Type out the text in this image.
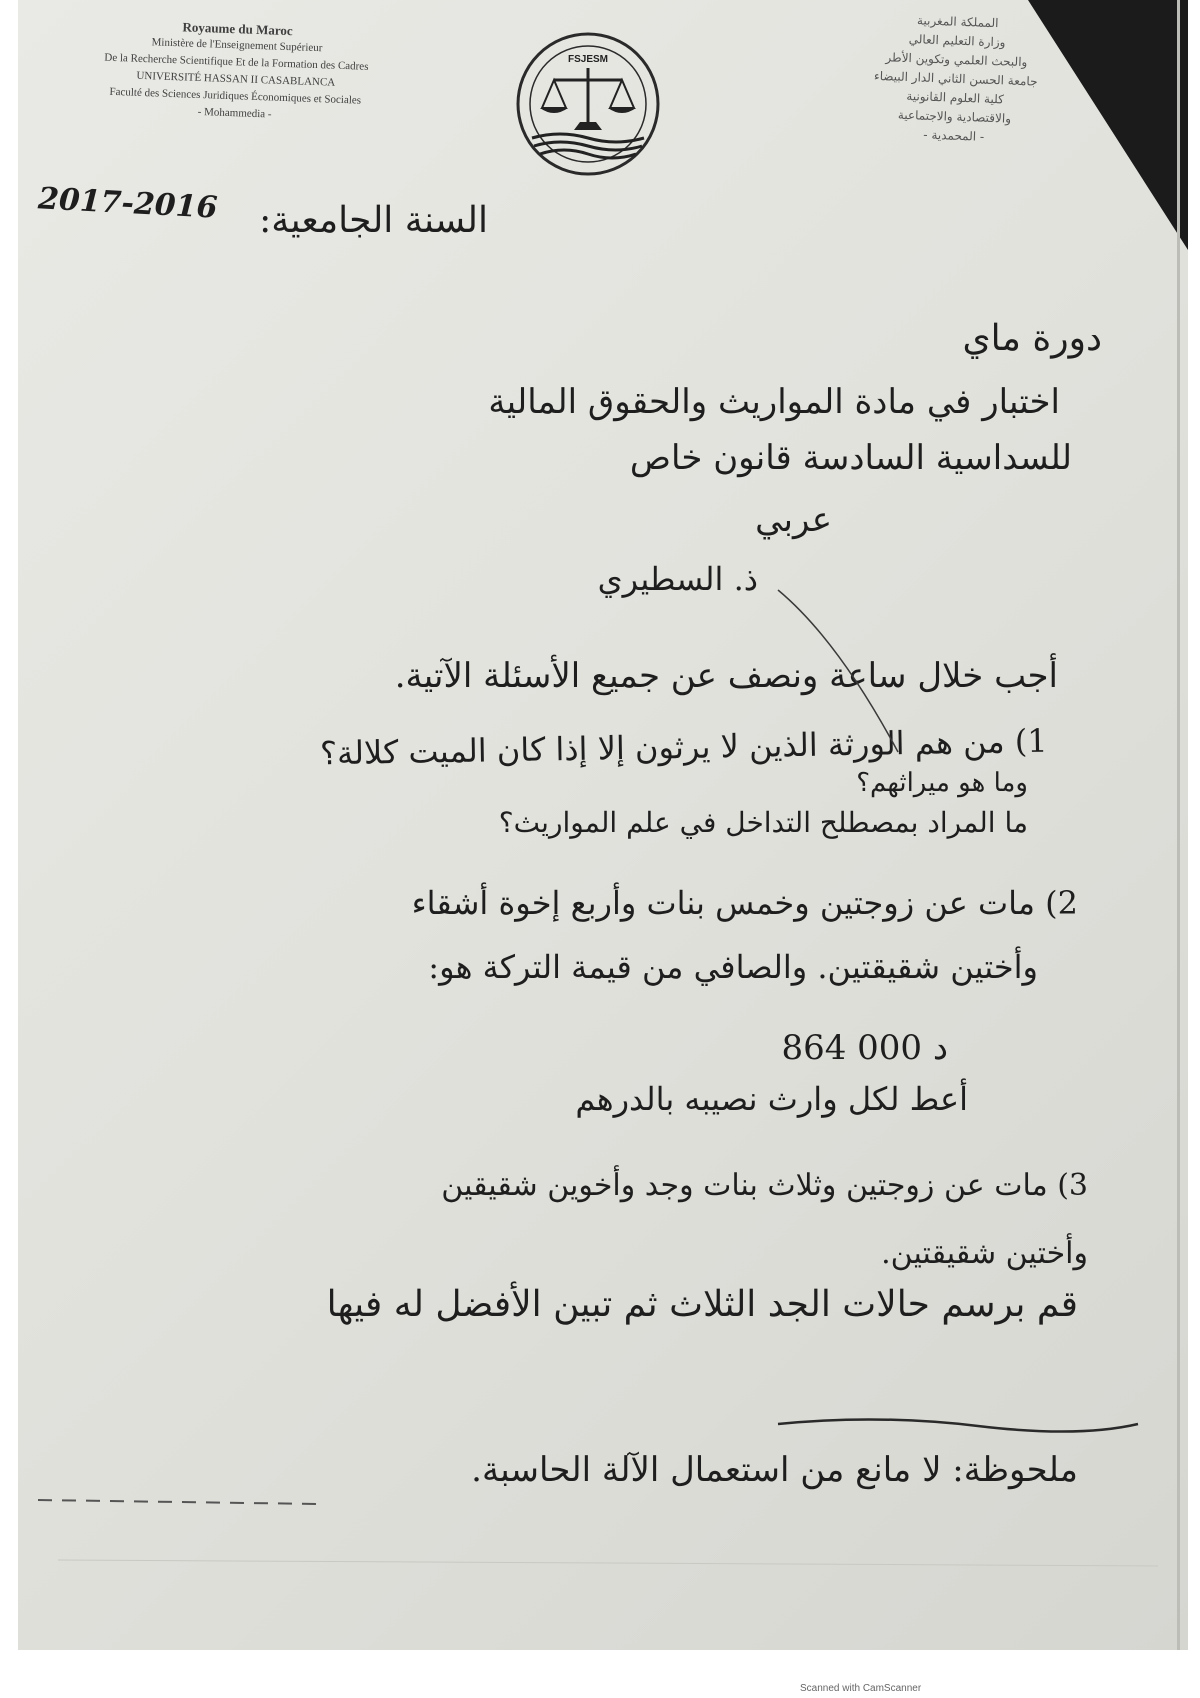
Royaume du Maroc
Ministère de l'Enseignement Supérieur
De la Recherche Scientifique Et de la Formation des Cadres
UNIVERSITÉ HASSAN II CASABLANCA
Faculté des Sciences Juridiques Économiques et Sociales
- Mohammedia -
FSJESM
المملكة المغربية
وزارة التعليم العالي
والبحث العلمي وتكوين الأطر
جامعة الحسن الثاني الدار البيضاء
كلية العلوم القانونية
والاقتصادية والاجتماعية
- المحمدية -
2017-2016 السنة الجامعية:
دورة ماي
اختبار في مادة المواريث والحقوق المالية
للسداسية السادسة قانون خاص
عربي
ذ. السطيري
أجب خلال ساعة ونصف عن جميع الأسئلة الآتية.
1) من هم الورثة الذين لا يرثون إلا إذا كان الميت كلالة؟
وما هو ميراثهم؟
ما المراد بمصطلح التداخل في علم المواريث؟
2) مات عن زوجتين وخمس بنات وأربع إخوة أشقاء
وأختين شقيقتين. والصافي من قيمة التركة هو:
864 000 د
أعط لكل وارث نصيبه بالدرهم
3) مات عن زوجتين وثلاث بنات وجد وأخوين شقيقين
وأختين شقيقتين.
قم برسم حالات الجد الثلاث ثم تبين الأفضل له فيها
ملحوظة: لا مانع من استعمال الآلة الحاسبة.
Scanned with CamScanner
